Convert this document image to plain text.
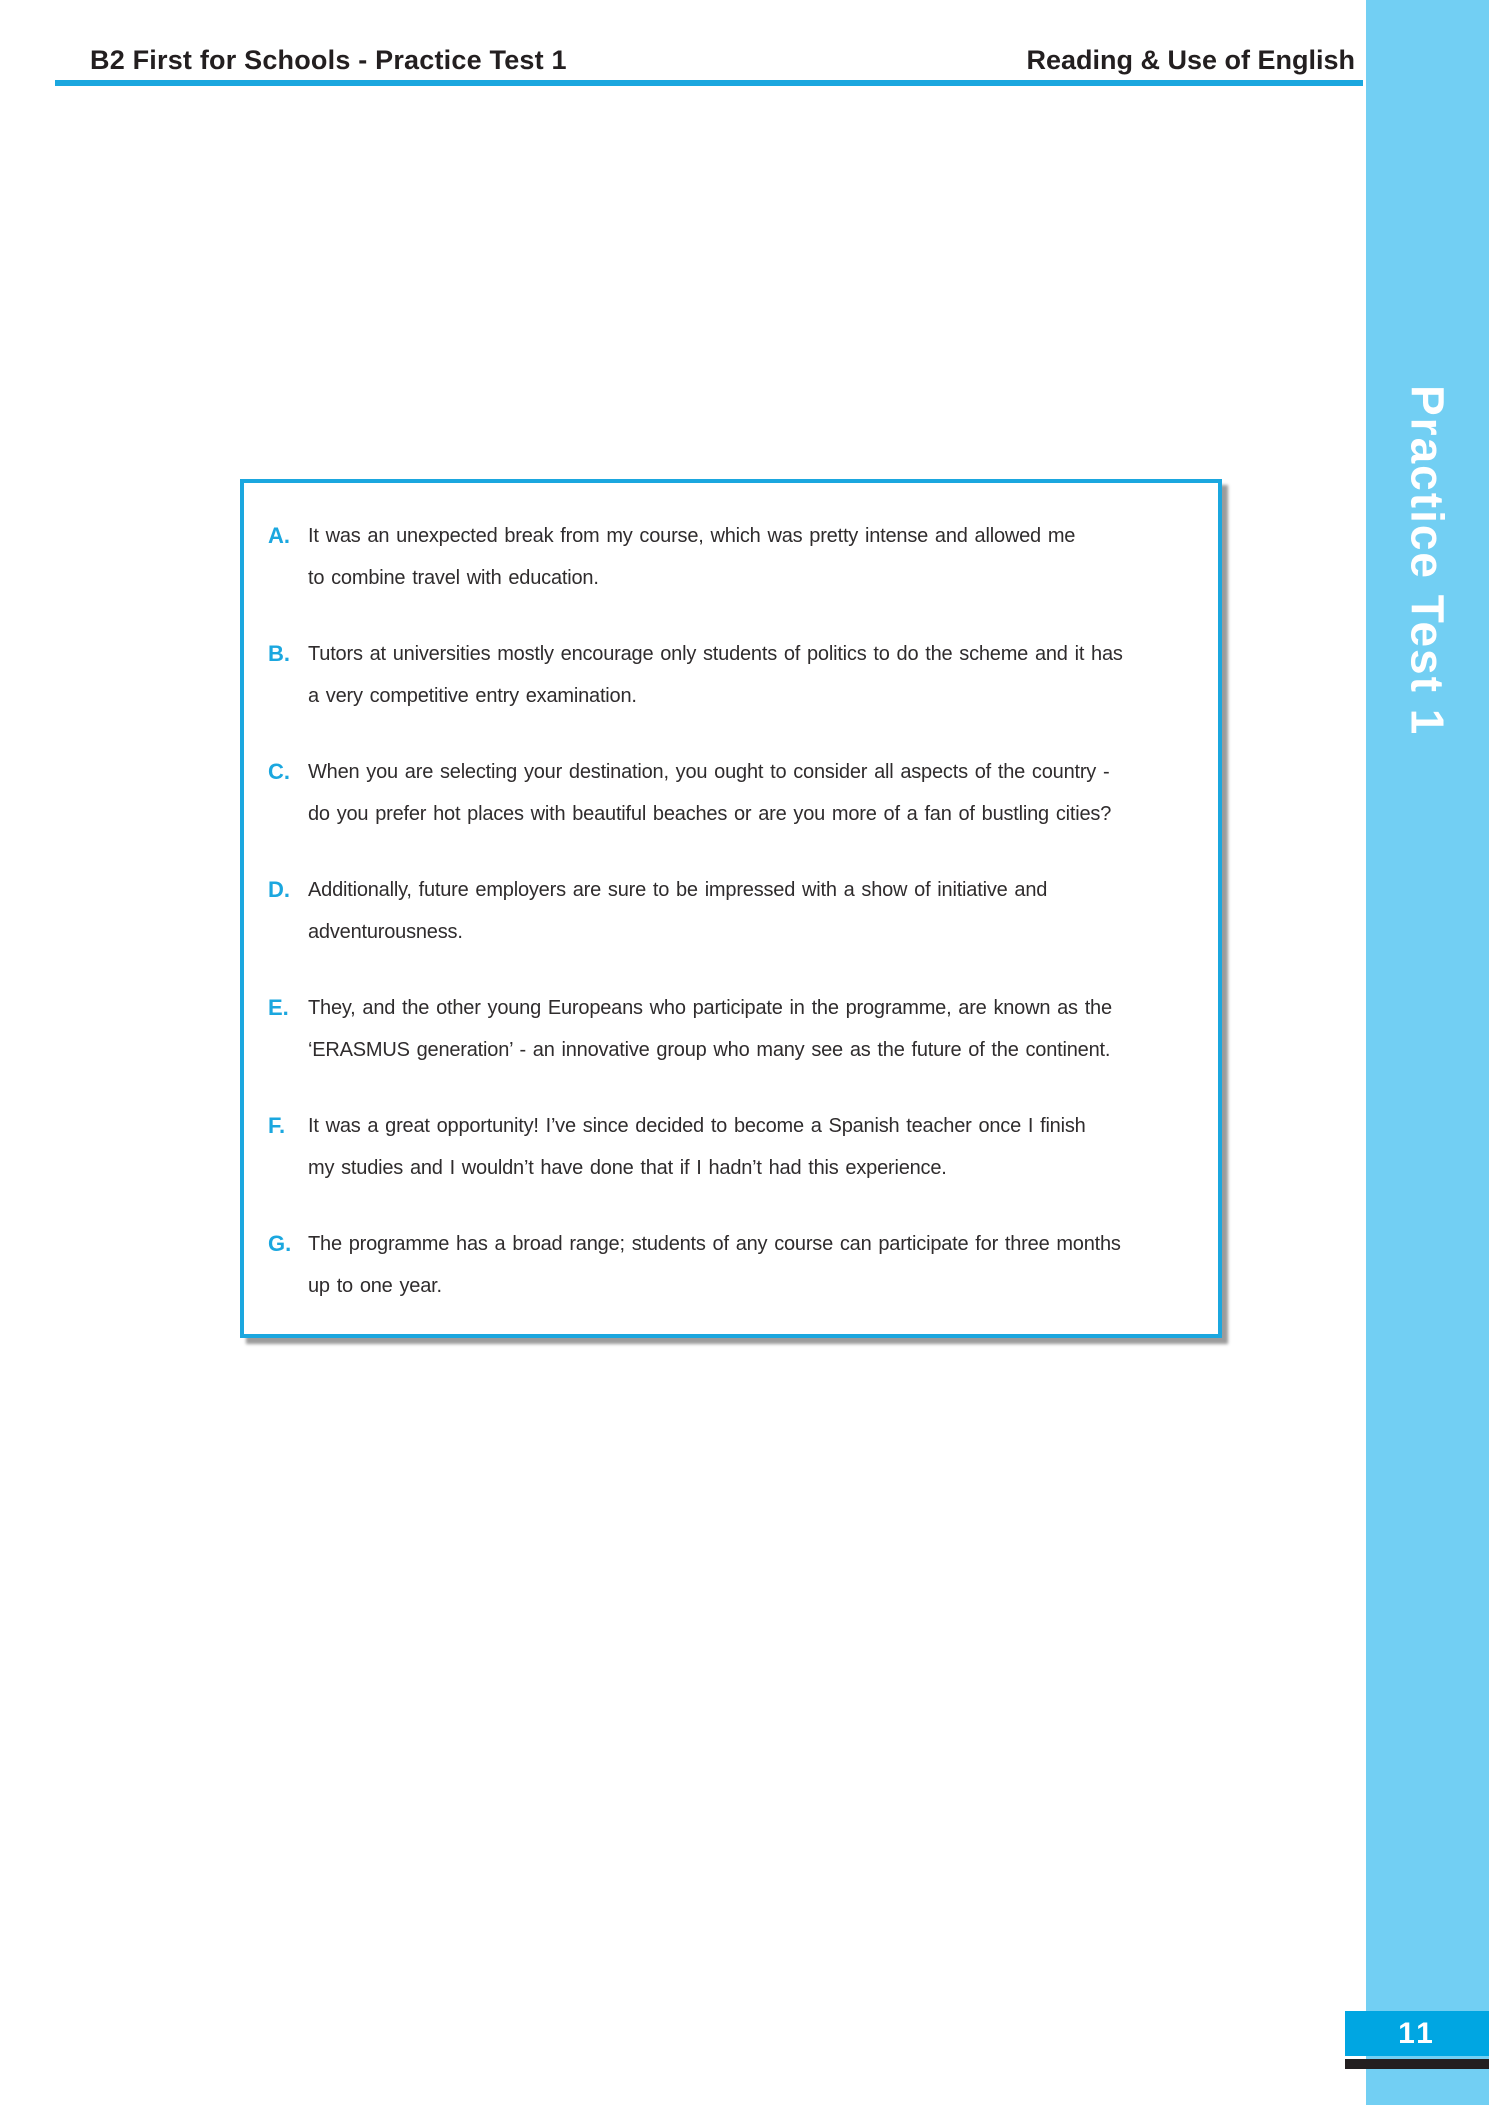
B2 First for Schools - Practice Test 1	Reading & Use of English
Practice Test 1
A. It was an unexpected break from my course, which was pretty intense and allowed me
to combine travel with education.
B. Tutors at universities mostly encourage only students of politics to do the scheme and it has
a very competitive entry examination.
C. When you are selecting your destination, you ought to consider all aspects of the country -
do you prefer hot places with beautiful beaches or are you more of a fan of bustling cities?
D. Additionally, future employers are sure to be impressed with a show of initiative and
adventurousness.
E. They, and the other young Europeans who participate in the programme, are known as the
‘ERASMUS generation’ - an innovative group who many see as the future of the continent.
F.	It was a great opportunity! I’ve since decided to become a Spanish teacher once I finish
my studies and I wouldn’t have done that if I hadn’t had this experience.
G. The programme has a broad range; students of any course can participate for three months
up to one year.
11
